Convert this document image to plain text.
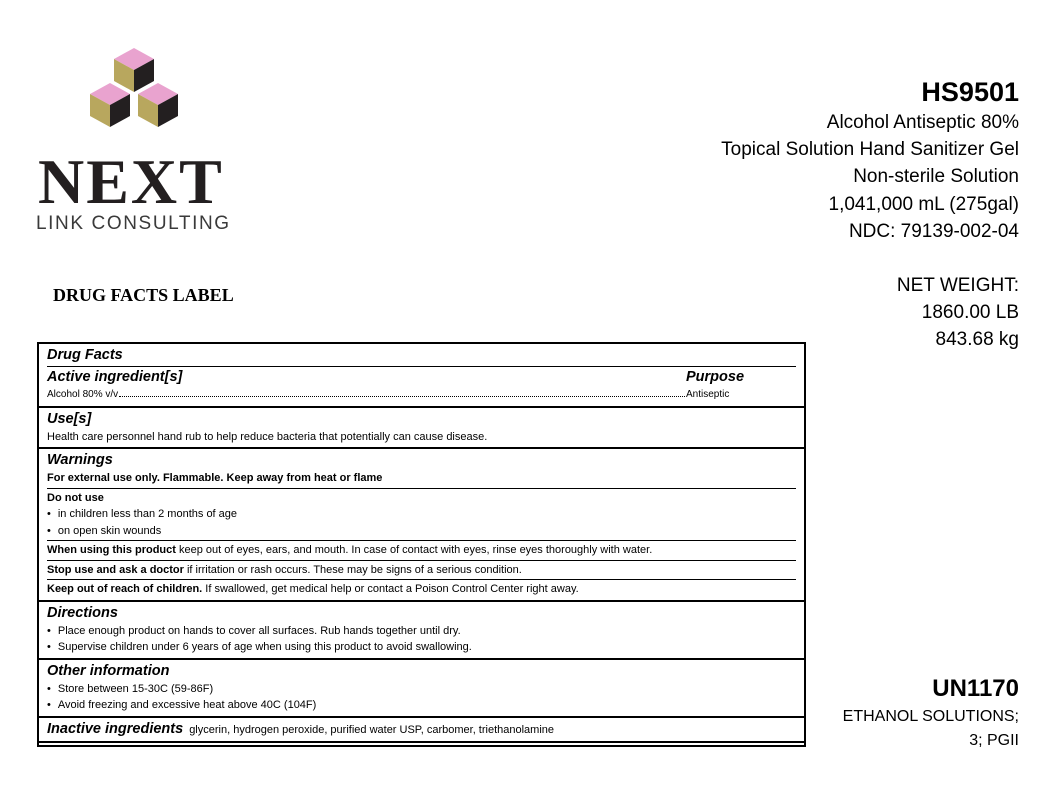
NEXT
LINK CONSULTING
DRUG FACTS LABEL
HS9501
Alcohol Antiseptic 80%
Topical Solution Hand Sanitizer Gel
Non-sterile Solution
1,041,000 mL (275gal)
NDC: 79139-002-04
NET WEIGHT:
1860.00 LB
843.68 kg
UN1170
ETHANOL SOLUTIONS;
3; PGII
Drug Facts
Active ingredient[s]	Purpose
Alcohol 80% v/v	Antiseptic
Use[s]
Health care personnel hand rub to help reduce bacteria that potentially can cause disease.
Warnings
For external use only. Flammable. Keep away from heat or flame
Do not use
• in children less than 2 months of age
• on open skin wounds
When using this product keep out of eyes, ears, and mouth. In case of contact with eyes, rinse eyes thoroughly with water.
Stop use and ask a doctor if irritation or rash occurs. These may be signs of a serious condition.
Keep out of reach of children. If swallowed, get medical help or contact a Poison Control Center right away.
Directions
• Place enough product on hands to cover all surfaces. Rub hands together until dry.
• Supervise children under 6 years of age when using this product to avoid swallowing.
Other information
• Store between 15-30C (59-86F)
• Avoid freezing and excessive heat above 40C (104F)
Inactive ingredients glycerin, hydrogen peroxide, purified water USP, carbomer, triethanolamine
